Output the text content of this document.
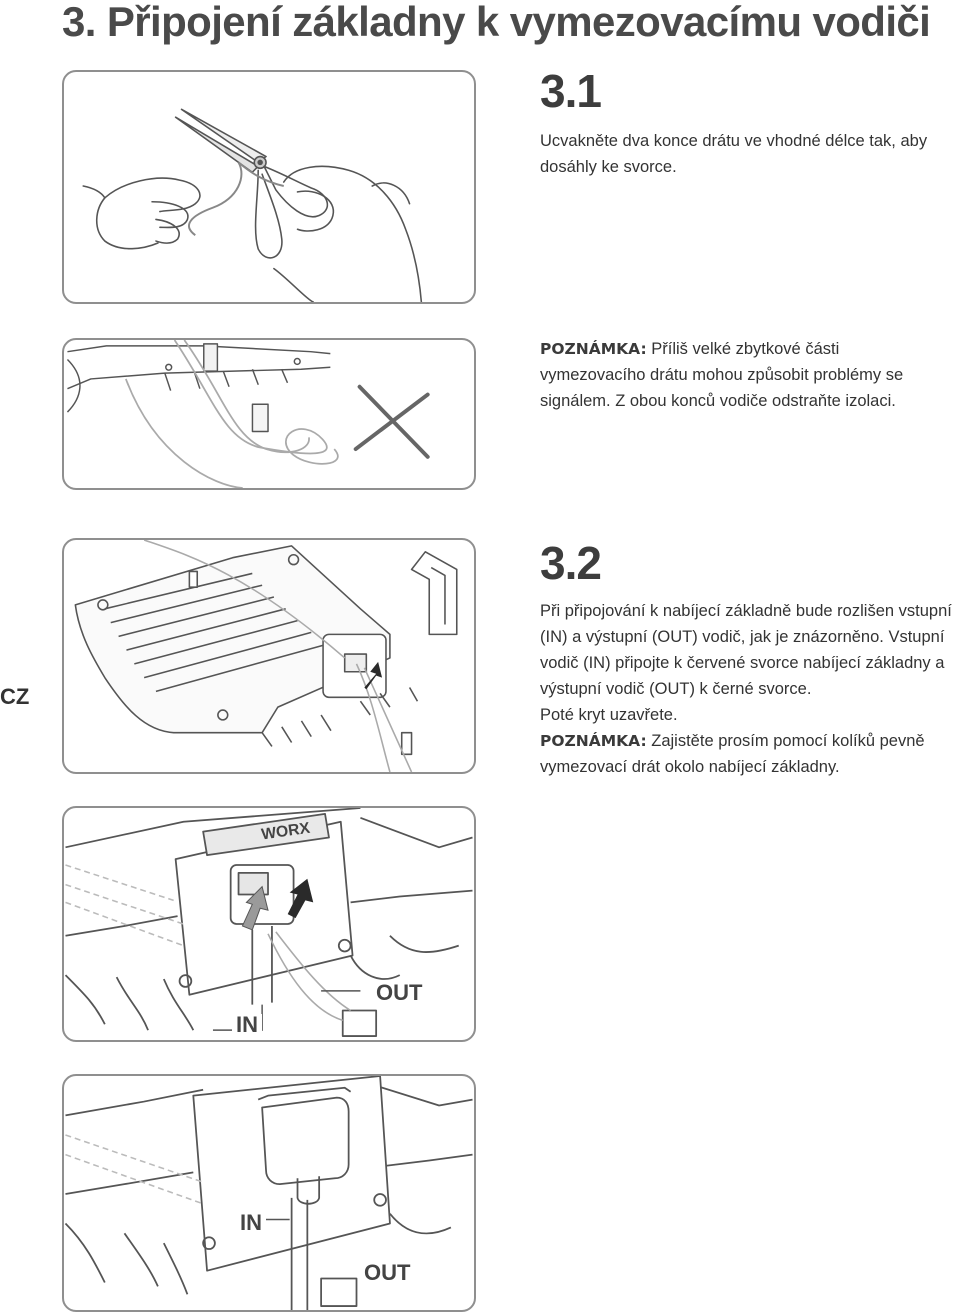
3. Připojení základny k vymezovacímu vodiči
CZ
3.1

Ucvakněte dva konce drátu ve vhodné délce tak, aby dosáhly ke svorce.

POZNÁMKA: Příliš velké zbytkové části vymezovacího drátu mohou způsobit problémy se signálem. Z obou konců vodiče odstraňte izolaci.

3.2

Při připojování k nabíjecí základně bude rozlišen vstupní (IN) a výstupní (OUT) vodič, jak je znázorněno. Vstupní vodič (IN) připojte k červené svorce nabíjecí základny a výstupní vodič (OUT) k černé svorce.

Poté kryt uzavřete.

POZNÁMKA: Zajistěte prosím pomocí kolíků pevně vymezovací drát okolo nabíjecí základny.

WORX
IN
OUT
IN
OUT
